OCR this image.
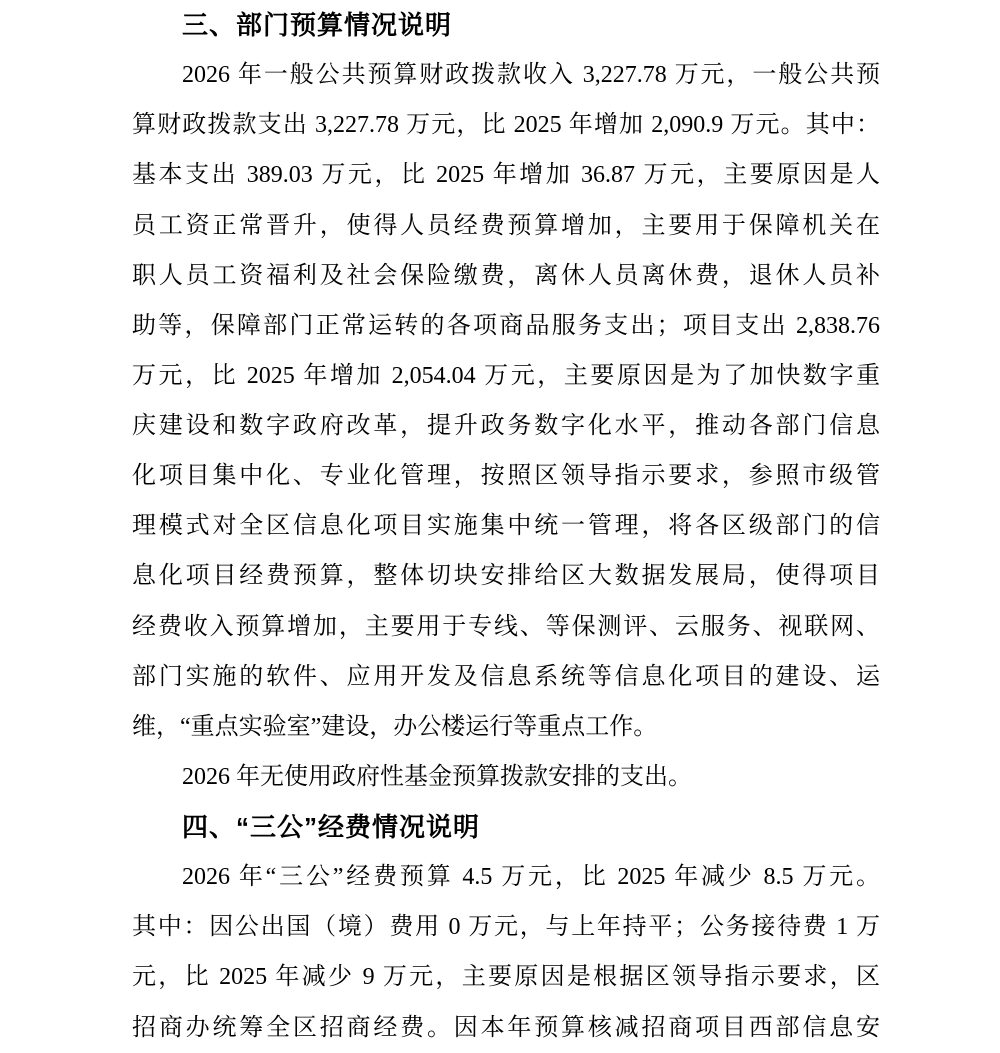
三、部门预算情况说明
2026 年一般公共预算财政拨款收入 3,227.78 万元，一般公共预
算财政拨款支出 3,227.78 万元，比 2025 年增加 2,090.9 万元。其中：
基本支出 389.03 万元，比 2025 年增加 36.87 万元，主要原因是人
员工资正常晋升，使得人员经费预算增加，主要用于保障机关在
职人员工资福利及社会保险缴费，离休人员离休费，退休人员补
助等，保障部门正常运转的各项商品服务支出；项目支出 2,838.76
万元，比 2025 年增加 2,054.04 万元，主要原因是为了加快数字重
庆建设和数字政府改革，提升政务数字化水平，推动各部门信息
化项目集中化、专业化管理，按照区领导指示要求，参照市级管
理模式对全区信息化项目实施集中统一管理，将各区级部门的信
息化项目经费预算，整体切块安排给区大数据发展局，使得项目
经费收入预算增加，主要用于专线、等保测评、云服务、视联网、
部门实施的软件、应用开发及信息系统等信息化项目的建设、运
维，“重点实验室”建设，办公楼运行等重点工作。
2026 年无使用政府性基金预算拨款安排的支出。
四、“三公”经费情况说明
2026 年“三公”经费预算 4.5 万元，比 2025 年减少 8.5 万元。
其中：因公出国（境）费用 0 万元，与上年持平；公务接待费 1 万
元，比 2025 年减少 9 万元，主要原因是根据区领导指示要求，区
招商办统筹全区招商经费。因本年预算核减招商项目西部信息安
